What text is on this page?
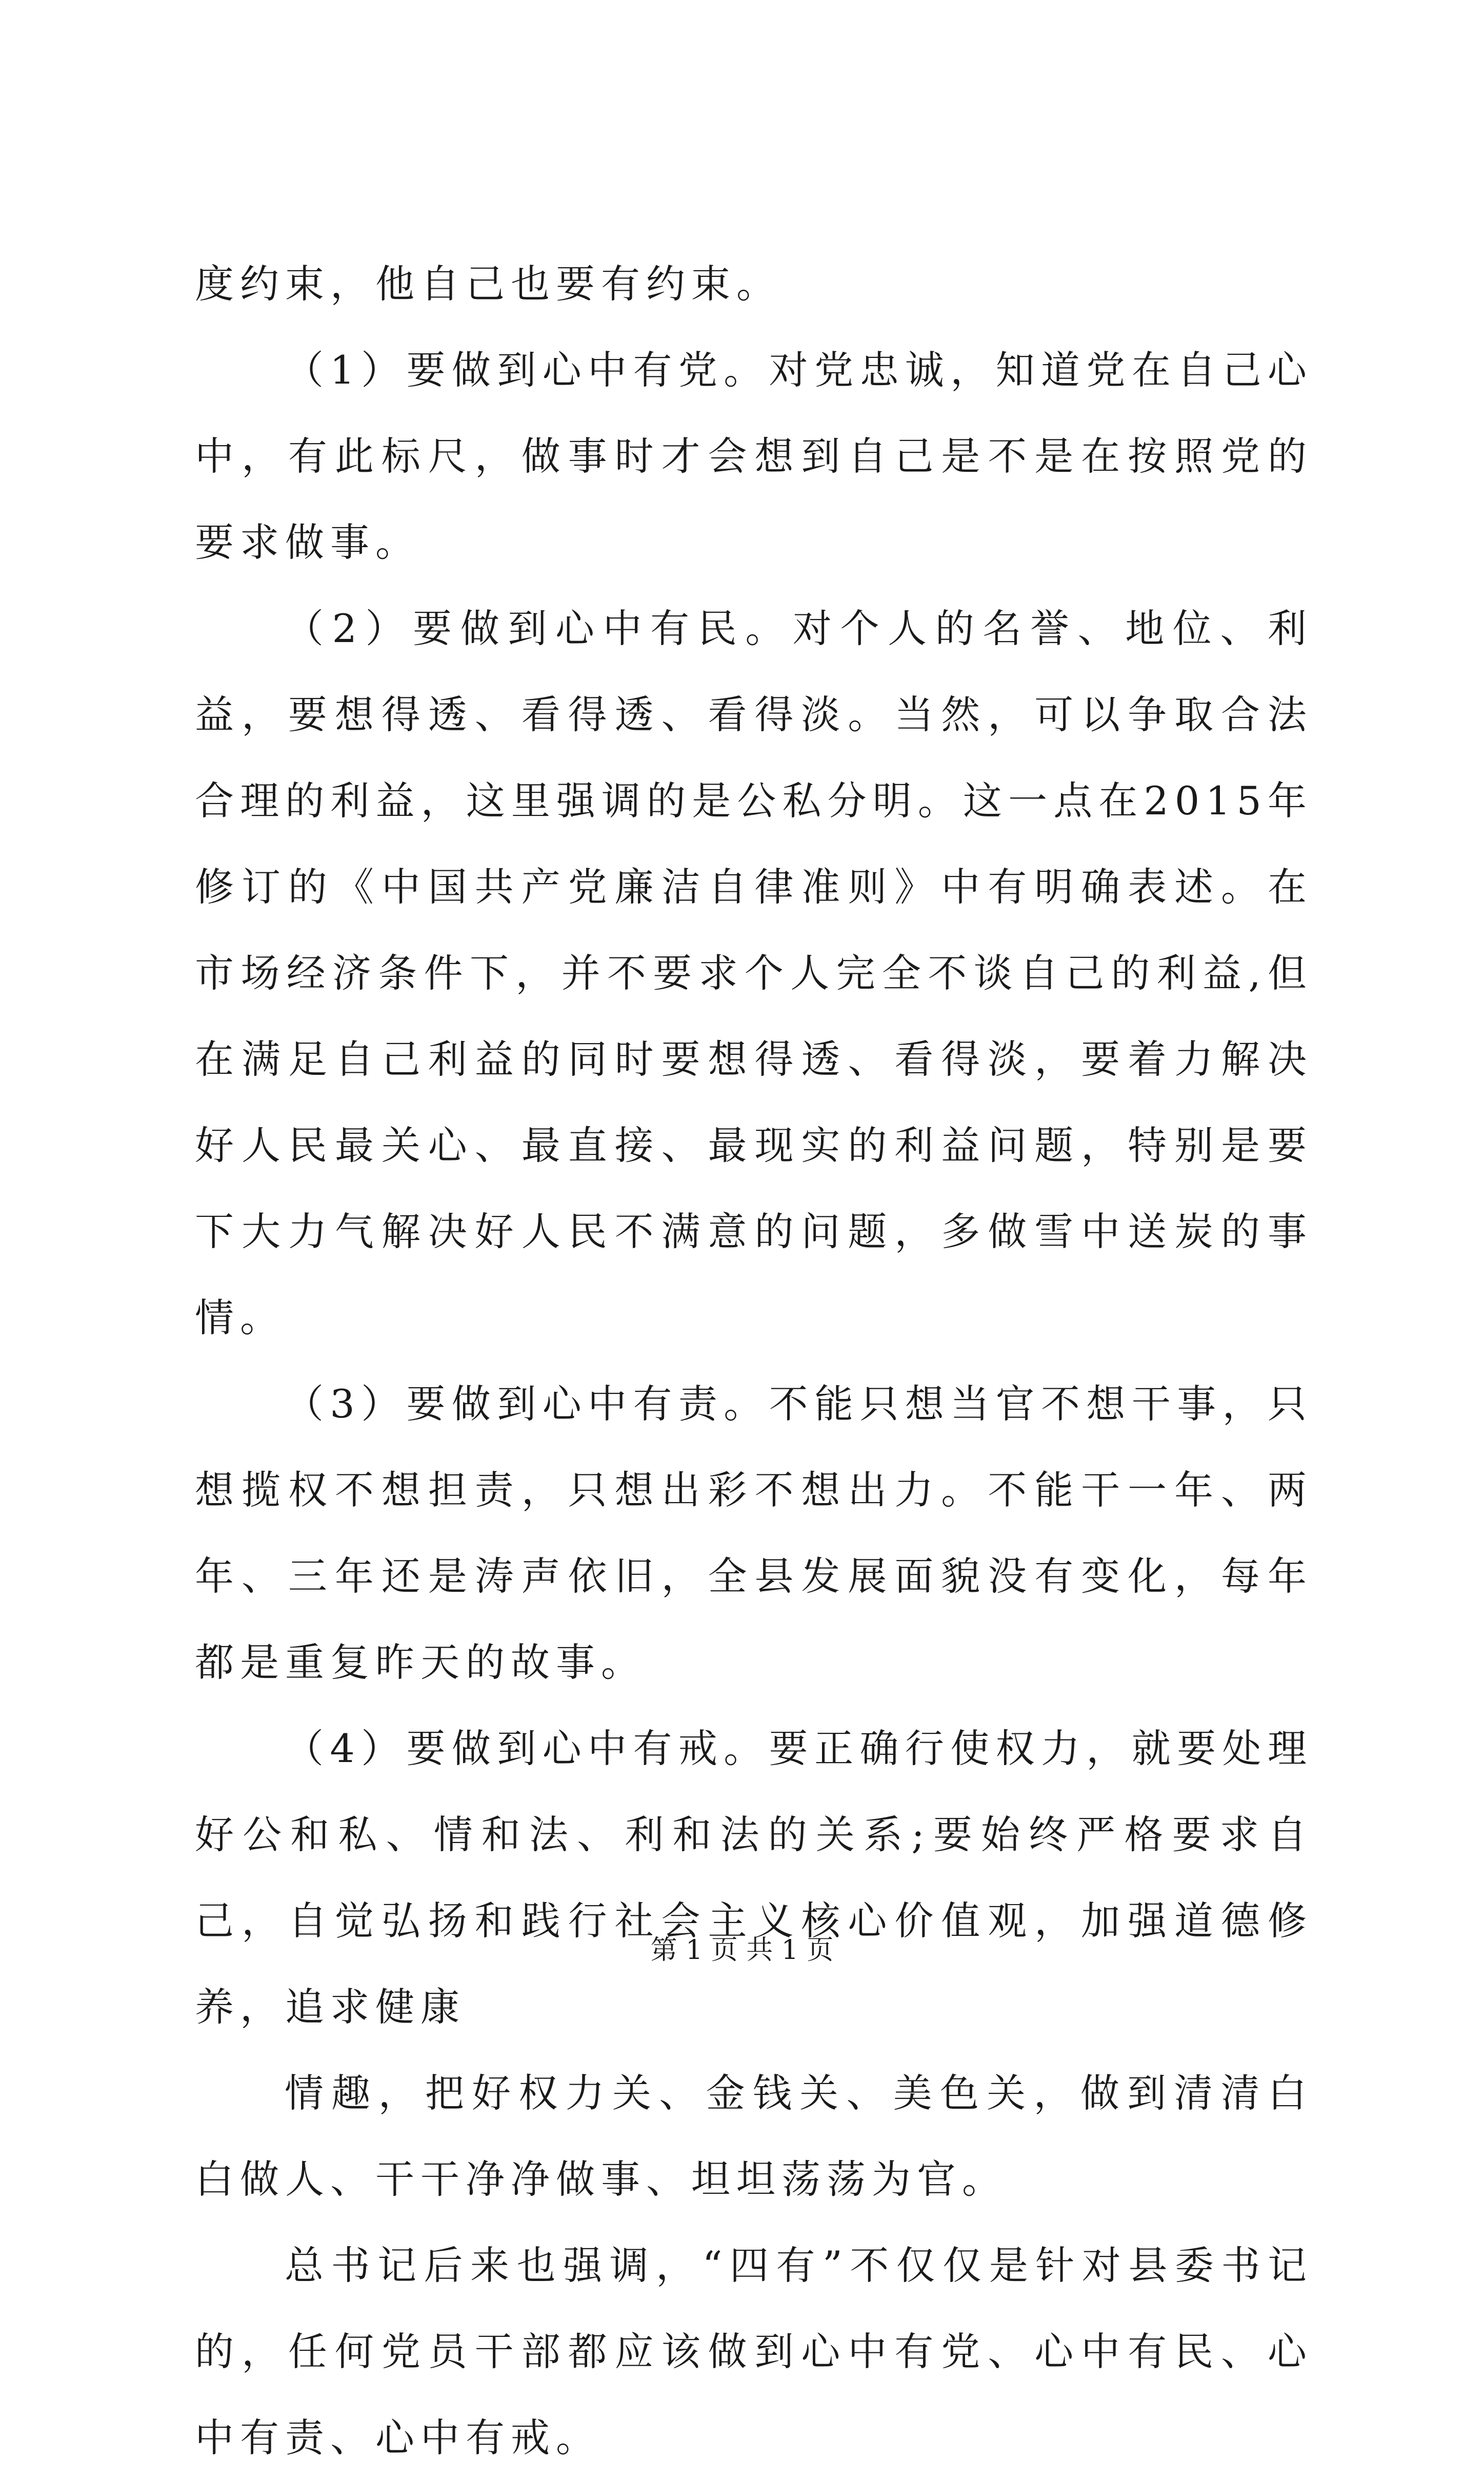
度约束，他自己也要有约束。

（1）要做到心中有党。对党忠诚，知道党在自己心中，有此标尺，做事时才会想到自己是不是在按照党的要求做事。

（2）要做到心中有民。对个人的名誉、地位、利益，要想得透、看得透、看得淡。当然，可以争取合法合理的利益，这里强调的是公私分明。这一点在2015年修订的《中国共产党廉洁自律准则》中有明确表述。在市场经济条件下，并不要求个人完全不谈自己的利益,但在满足自己利益的同时要想得透、看得淡，要着力解决好人民最关心、最直接、最现实的利益问题，特别是要下大力气解决好人民不满意的问题，多做雪中送炭的事情。

（3）要做到心中有责。不能只想当官不想干事，只想揽权不想担责，只想出彩不想出力。不能干一年、两年、三年还是涛声依旧，全县发展面貌没有变化，每年都是重复昨天的故事。

（4）要做到心中有戒。要正确行使权力，就要处理好公和私、情和法、利和法的关系;要始终严格要求自己，自觉弘扬和践行社会主义核心价值观，加强道德修养，追求健康

情趣，把好权力关、金钱关、美色关，做到清清白白做人、干干净净做事、坦坦荡荡为官。

总书记后来也强调，“四有”不仅仅是针对县委书记的，任何党员干部都应该做到心中有党、心中有民、心中有责、心中有戒。

第 1 页 共 1 页
